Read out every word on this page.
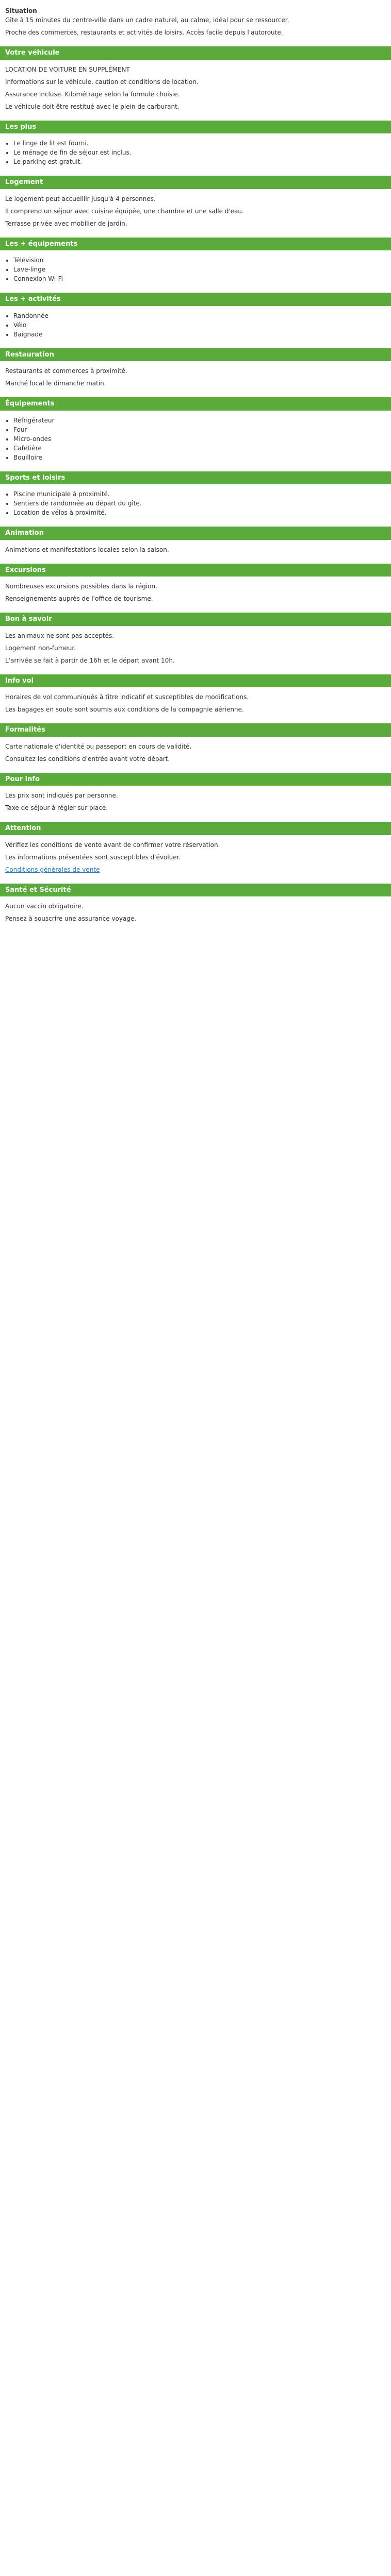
Situation

Gîte à 15 minutes du centre-ville dans un cadre naturel, au calme, idéal pour se ressourcer.

Proche des commerces, restaurants et activités de loisirs. Accès facile depuis l'autoroute.

Votre véhicule

LOCATION DE VOITURE EN SUPPLÉMENT

Informations sur le véhicule, caution et conditions de location.

Assurance incluse. Kilométrage selon la formule choisie.

Le véhicule doit être restitué avec le plein de carburant.

Les plus
• Le linge de lit est fourni.
• Le ménage de fin de séjour est inclus.
• Le parking est gratuit.
Logement

Le logement peut accueillir jusqu'à 4 personnes.

Il comprend un séjour avec cuisine équipée, une chambre et une salle d'eau.

Terrasse privée avec mobilier de jardin.

Les + équipements
• Télévision
• Lave-linge
• Connexion Wi-Fi
Les + activités
• Randonnée
• Vélo
• Baignade
Restauration

Restaurants et commerces à proximité.

Marché local le dimanche matin.

Équipements
• Réfrigérateur
• Four
• Micro-ondes
• Cafetière
• Bouilloire
Sports et loisirs
• Piscine municipale à proximité.
• Sentiers de randonnée au départ du gîte.
• Location de vélos à proximité.
Animation

Animations et manifestations locales selon la saison.

Excursions

Nombreuses excursions possibles dans la région.

Renseignements auprès de l'office de tourisme.

Bon à savoir

Les animaux ne sont pas acceptés.

Logement non-fumeur.

L'arrivée se fait à partir de 16h et le départ avant 10h.

Info vol

Horaires de vol communiqués à titre indicatif et susceptibles de modifications.

Les bagages en soute sont soumis aux conditions de la compagnie aérienne.

Formalités

Carte nationale d'identité ou passeport en cours de validité.

Consultez les conditions d'entrée avant votre départ.

Pour info

Les prix sont indiqués par personne.

Taxe de séjour à régler sur place.

Attention

Vérifiez les conditions de vente avant de confirmer votre réservation.

Les informations présentées sont susceptibles d'évoluer.

Conditions générales de vente

Santé et Sécurité

Aucun vaccin obligatoire.

Pensez à souscrire une assurance voyage.
